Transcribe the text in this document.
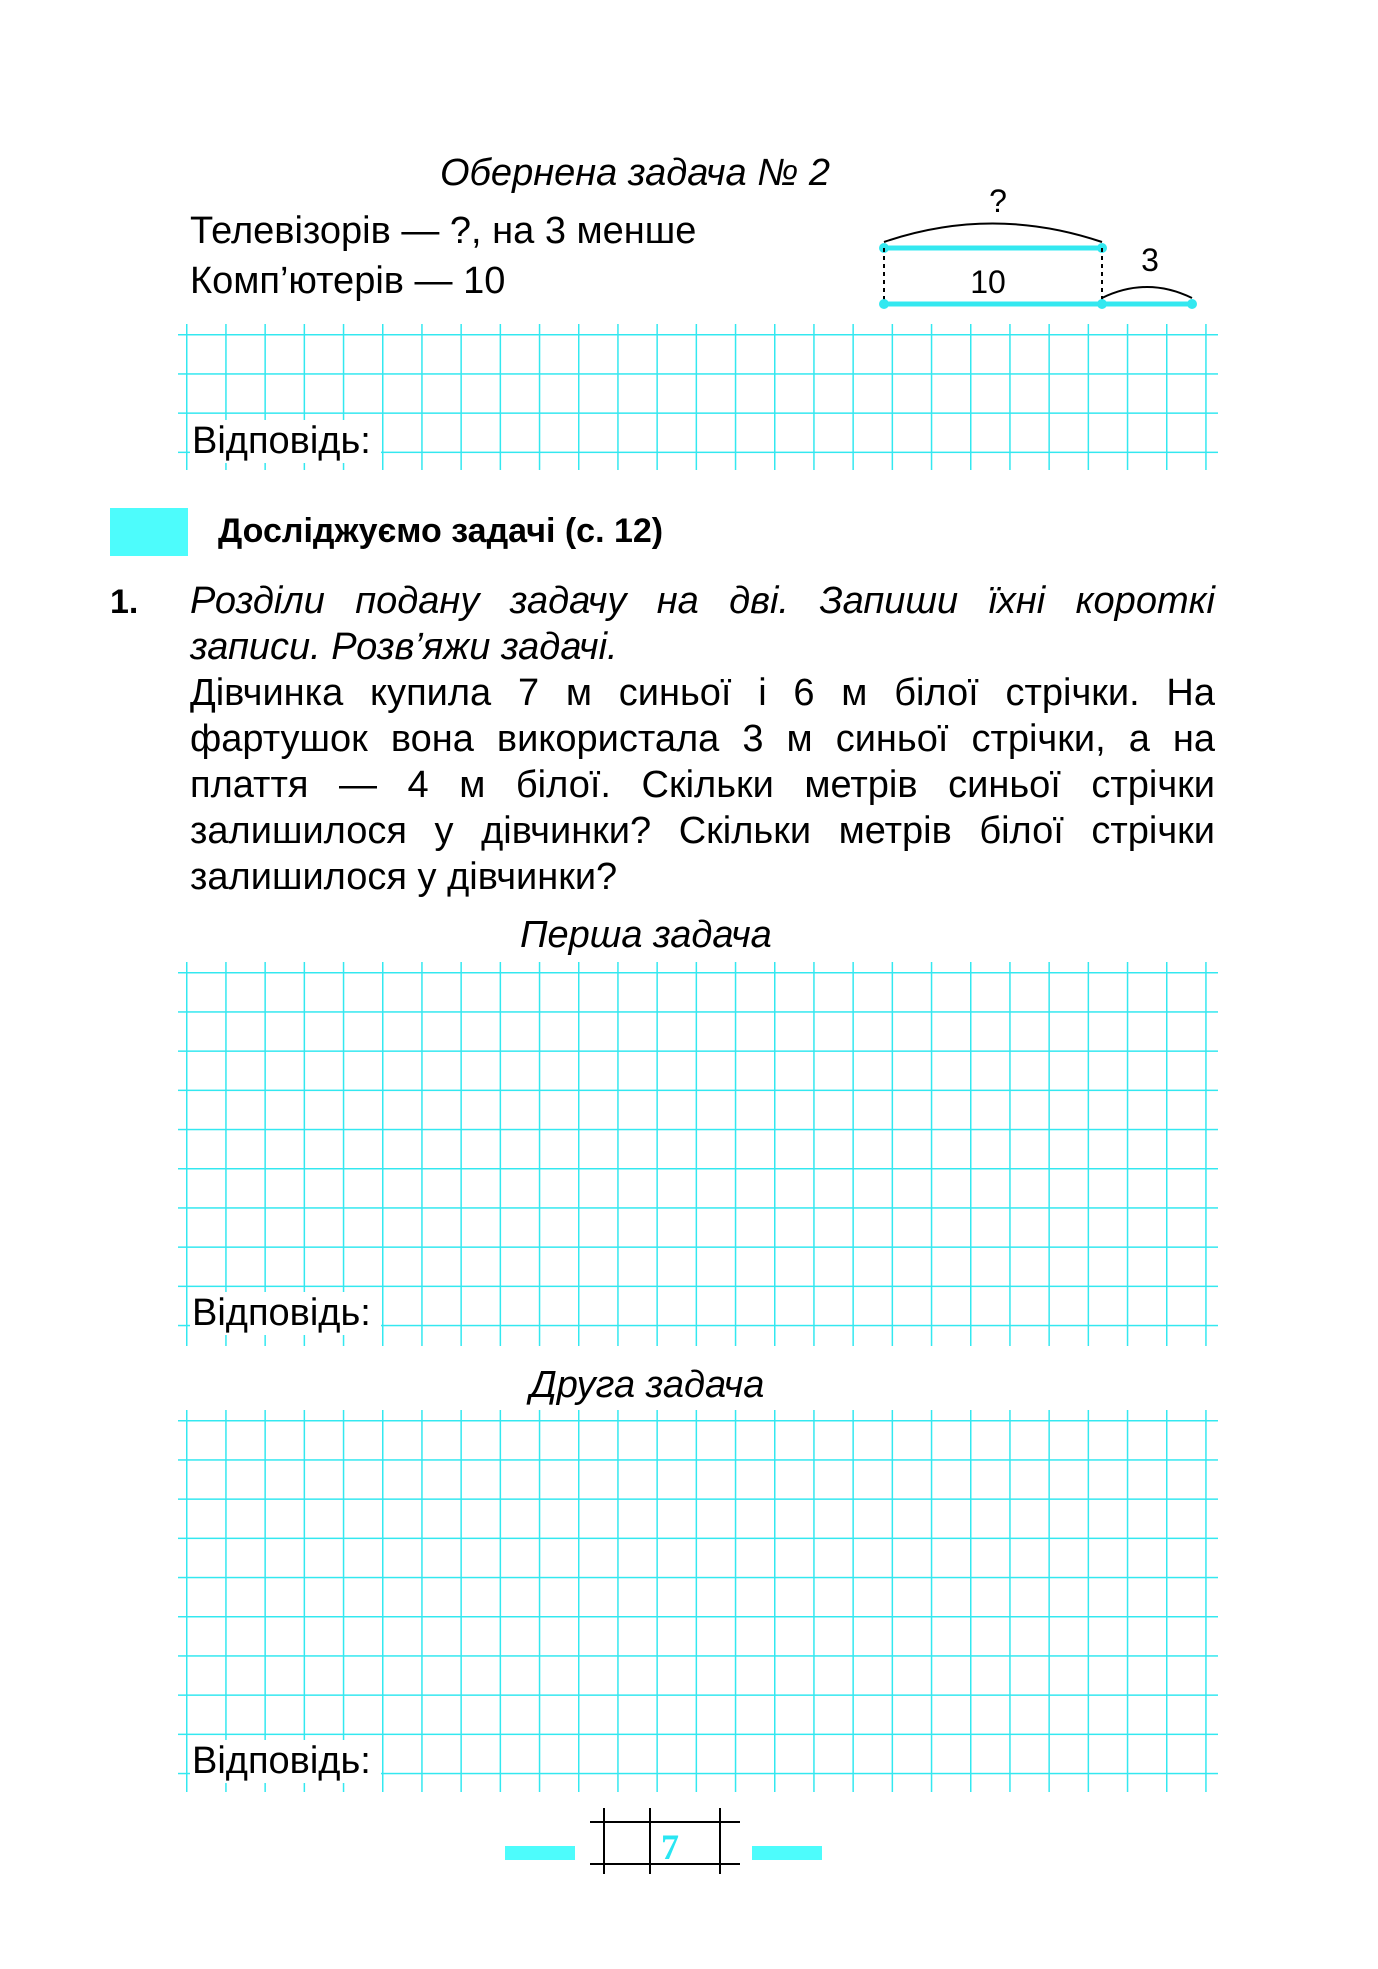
Обернена задача № 2
Телевізорів — ?, на 3 менше
Комп’ютерів — 10
?
10
3
Відповідь:
Досліджуємо задачі (с. 12)
1. Розділи подану задачу на дві. Запиши їхні короткі записи. Розв’яжи задачі.
Дівчинка купила 7 м синьої і 6 м білої стрічки. На фартушок вона використала 3 м синьої стрічки, а на плаття — 4 м білої. Скільки метрів синьої стрічки залишилося у дівчинки? Скільки метрів білої стрічки залишилося у дівчинки?
Перша задача
Відповідь:
Друга задача
Відповідь:
7
